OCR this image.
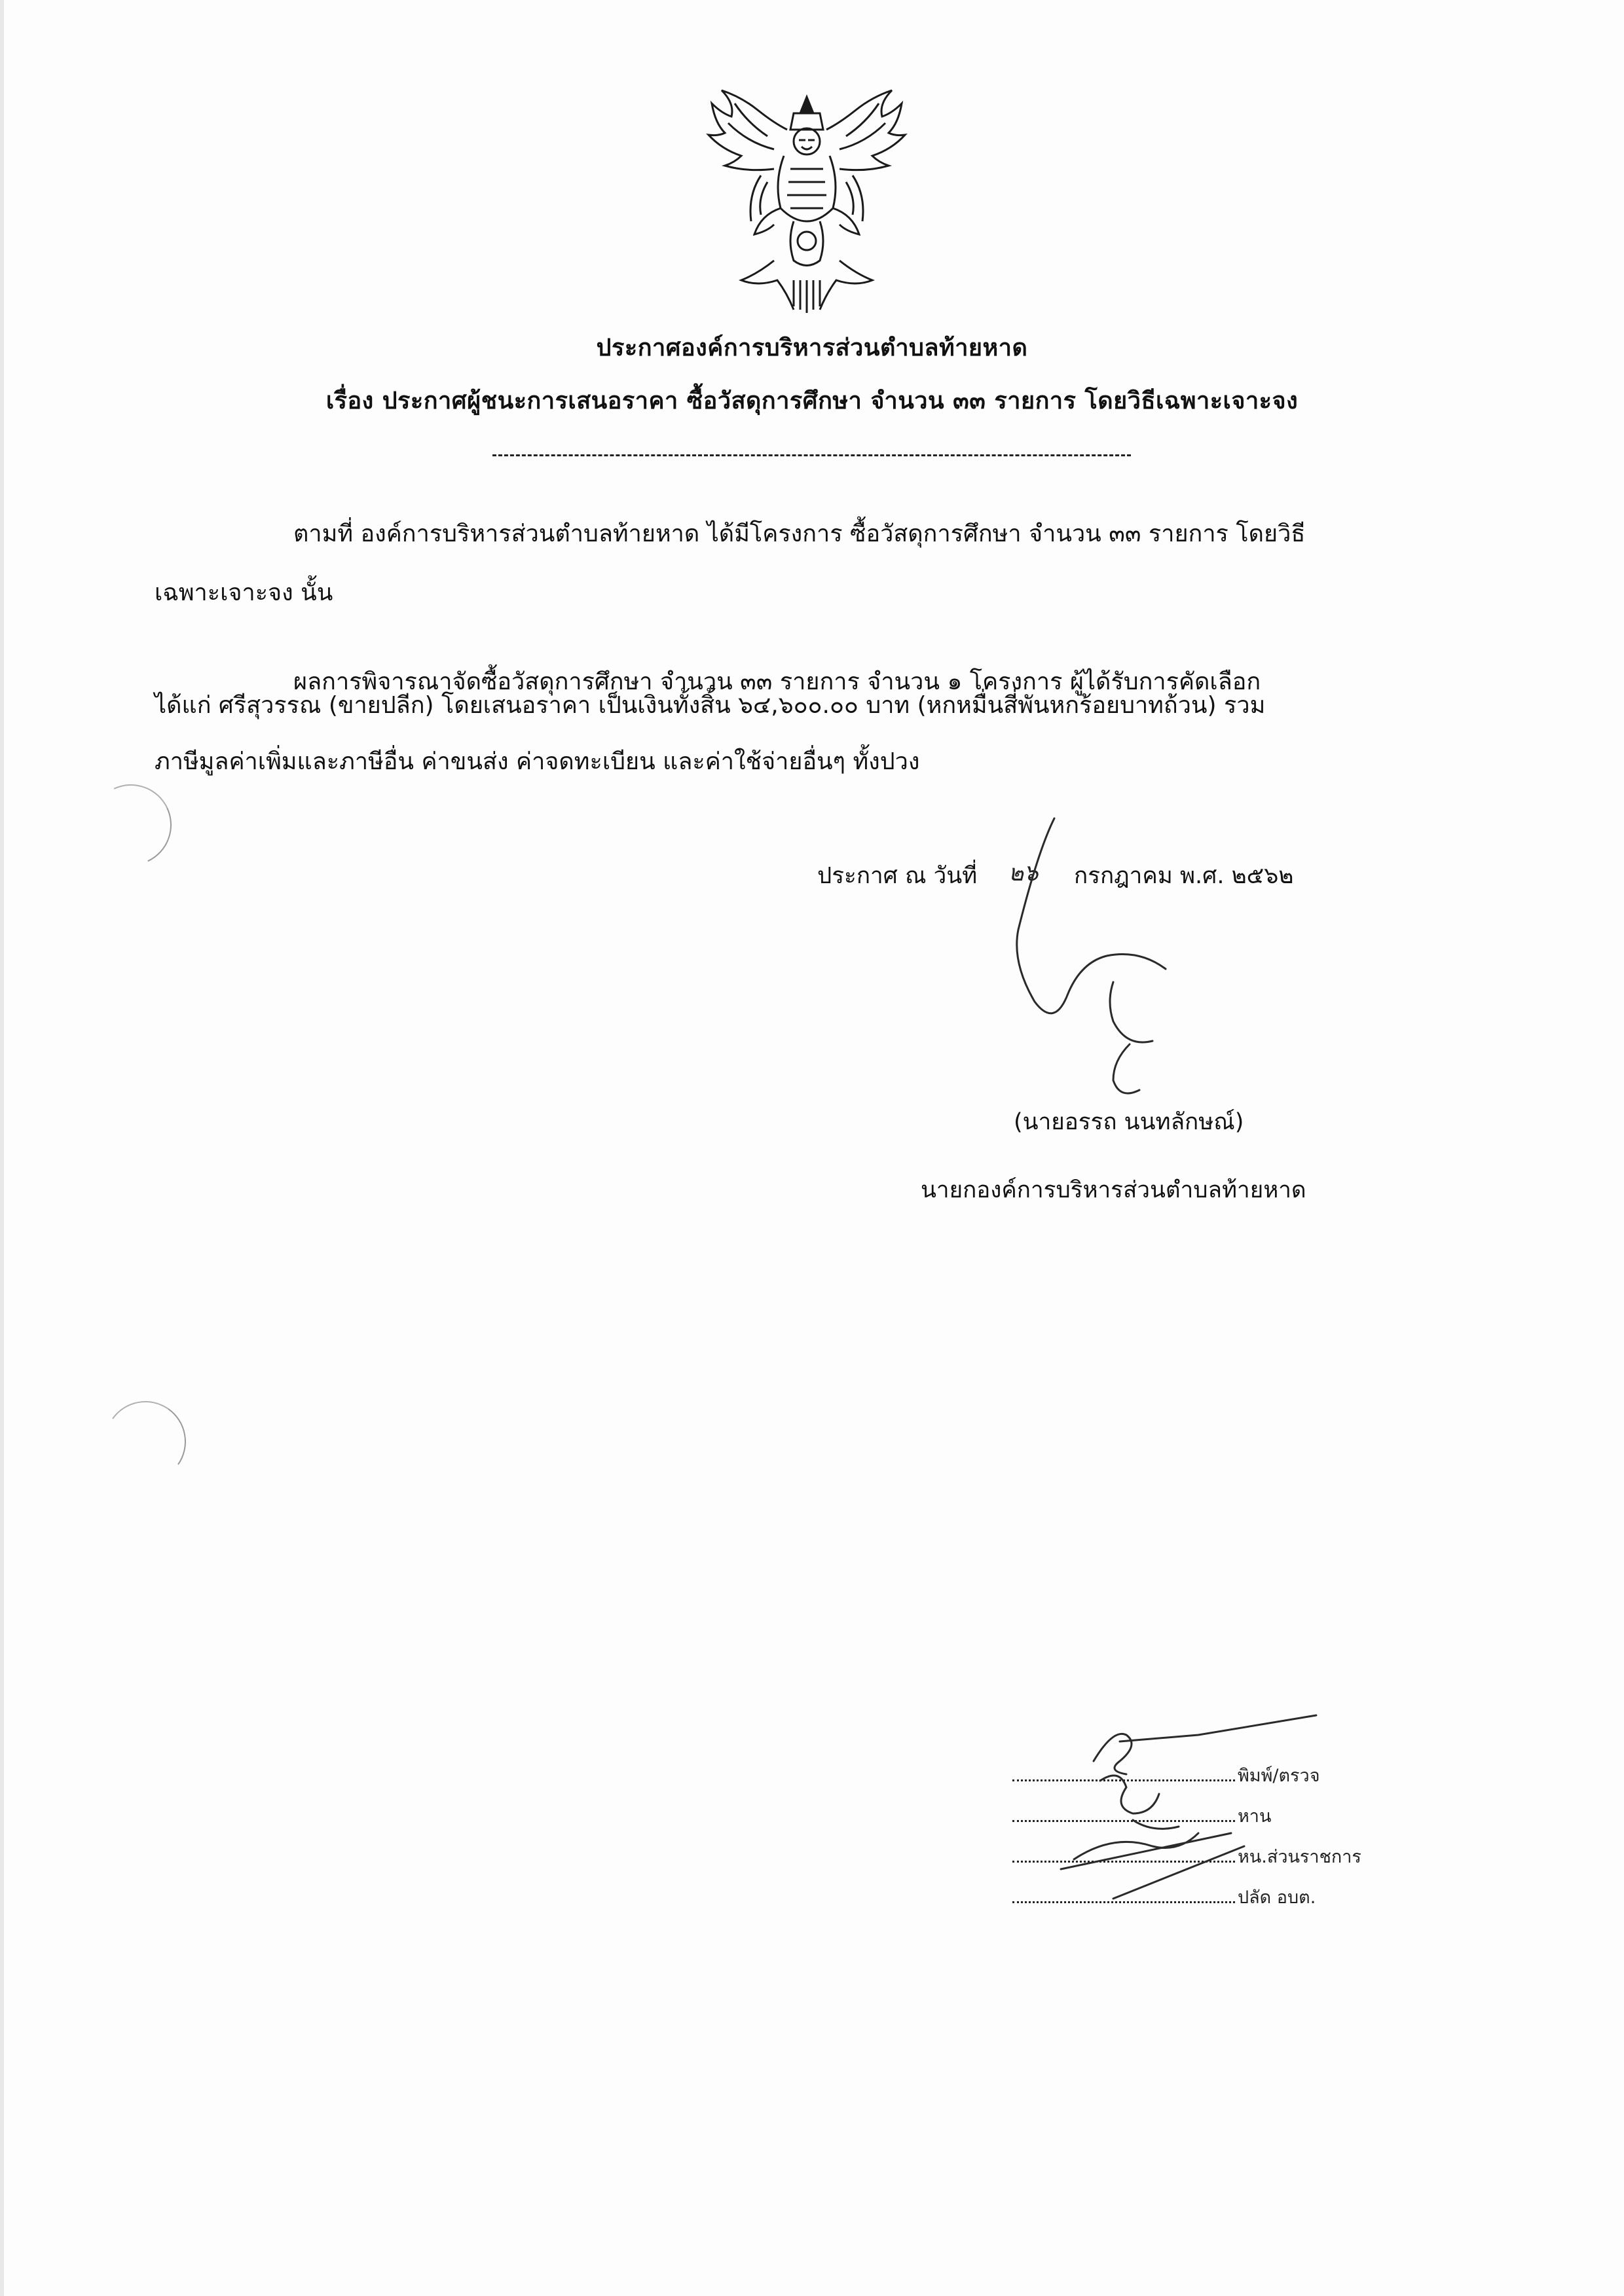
ประกาศองค์การบริหารส่วนตำบลท้ายหาด
เรื่อง ประกาศผู้ชนะการเสนอราคา ซื้อวัสดุการศึกษา จำนวน ๓๓ รายการ โดยวิธีเฉพาะเจาะจง
ตามที่ องค์การบริหารส่วนตำบลท้ายหาด ได้มีโครงการ ซื้อวัสดุการศึกษา จำนวน ๓๓ รายการ โดยวิธี
เฉพาะเจาะจง นั้น
ผลการพิจารณาจัดซื้อวัสดุการศึกษา จำนวน ๓๓ รายการ จำนวน ๑ โครงการ ผู้ได้รับการคัดเลือก
ได้แก่ ศรีสุวรรณ (ขายปลีก) โดยเสนอราคา เป็นเงินทั้งสิ้น ๖๔,๖๐๐.๐๐ บาท (หกหมื่นสี่พันหกร้อยบาทถ้วน) รวม
ภาษีมูลค่าเพิ่มและภาษีอื่น ค่าขนส่ง ค่าจดทะเบียน และค่าใช้จ่ายอื่นๆ ทั้งปวง
ประกาศ ณ วันที่ ๒๖ กรกฎาคม พ.ศ. ๒๕๖๒
(นายอรรถ นนทลักษณ์)
นายกองค์การบริหารส่วนตำบลท้ายหาด
พิมพ์/ตรวจ
หาน
หน.ส่วนราชการ
ปลัด อบต.
